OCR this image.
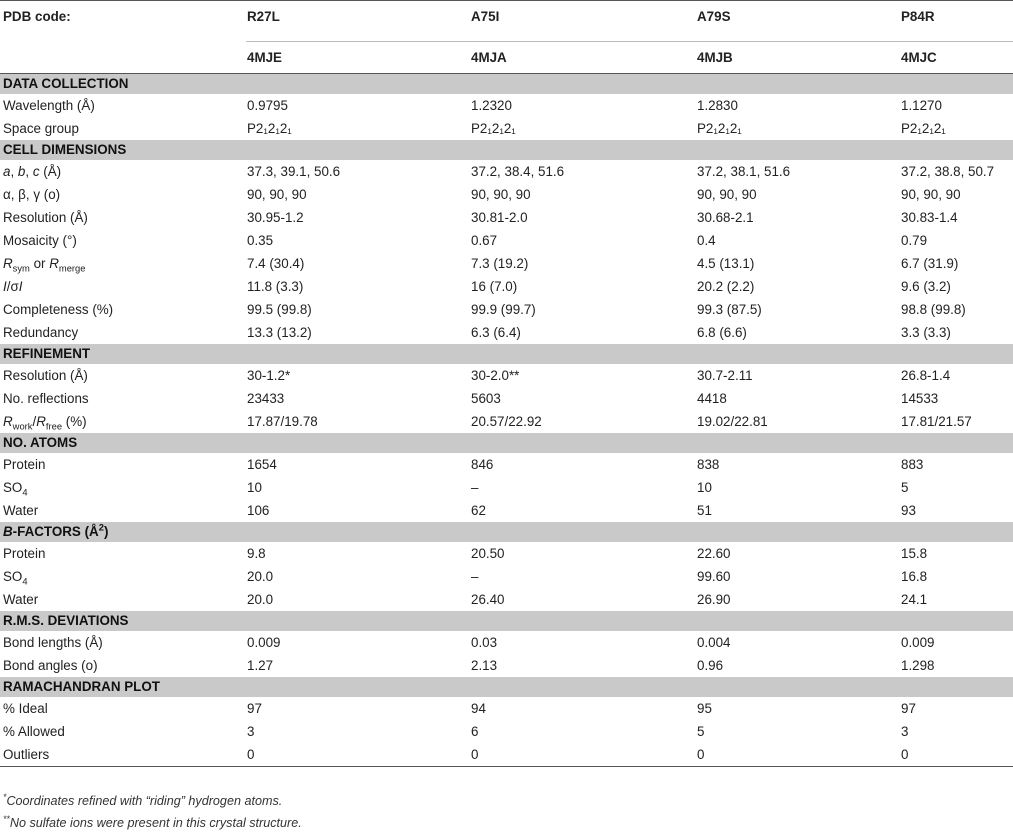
PDB code:	R27L	A75I	A79S	P84R
	4MJE	4MJA	4MJB	4MJC
DATA COLLECTION				
Wavelength (Å)	0.9795	1.2320	1.2830	1.1270
Space group	P2₁2₁2₁	P2₁2₁2₁	P2₁2₁2₁	P2₁2₁2₁
CELL DIMENSIONS				
a, b, c (Å)	37.3, 39.1, 50.6	37.2, 38.4, 51.6	37.2, 38.1, 51.6	37.2, 38.8, 50.7
α, β, γ (ο)	90, 90, 90	90, 90, 90	90, 90, 90	90, 90, 90
Resolution (Å)	30.95-1.2	30.81-2.0	30.68-2.1	30.83-1.4
Mosaicity (°)	0.35	0.67	0.4	0.79
$R_{sym}$ or $R_{merge}$	7.4 (30.4)	7.3 (19.2)	4.5 (13.1)	6.7 (31.9)
I/σI	11.8 (3.3)	16 (7.0)	20.2 (2.2)	9.6 (3.2)
Completeness (%)	99.5 (99.8)	99.9 (99.7)	99.3 (87.5)	98.8 (99.8)
Redundancy	13.3 (13.2)	6.3 (6.4)	6.8 (6.6)	3.3 (3.3)
REFINEMENT				
Resolution (Å)	30-1.2*	30-2.0**	30.7-2.11	26.8-1.4
No. reflections	23433	5603	4418	14533
$R_{work}/R_{free}$ (%)	17.87/19.78	20.57/22.92	19.02/22.81	17.81/21.57
NO. ATOMS				
Protein	1654	846	838	883
$SO_4$	10	–	10	5
Water	106	62	51	93
B-FACTORS $(Å^2)$				
Protein	9.8	20.50	22.60	15.8
$SO_4$	20.0	–	99.60	16.8
Water	20.0	26.40	26.90	24.1
R.M.S. DEVIATIONS				
Bond lengths (Å)	0.009	0.03	0.004	0.009
Bond angles (ο)	1.27	2.13	0.96	1.298
RAMACHANDRAN PLOT				
% Ideal	97	94	95	97
% Allowed	3	6	5	3
Outliers	0	0	0	0
*Coordinates refined with “riding” hydrogen atoms.
**No sulfate ions were present in this crystal structure.
